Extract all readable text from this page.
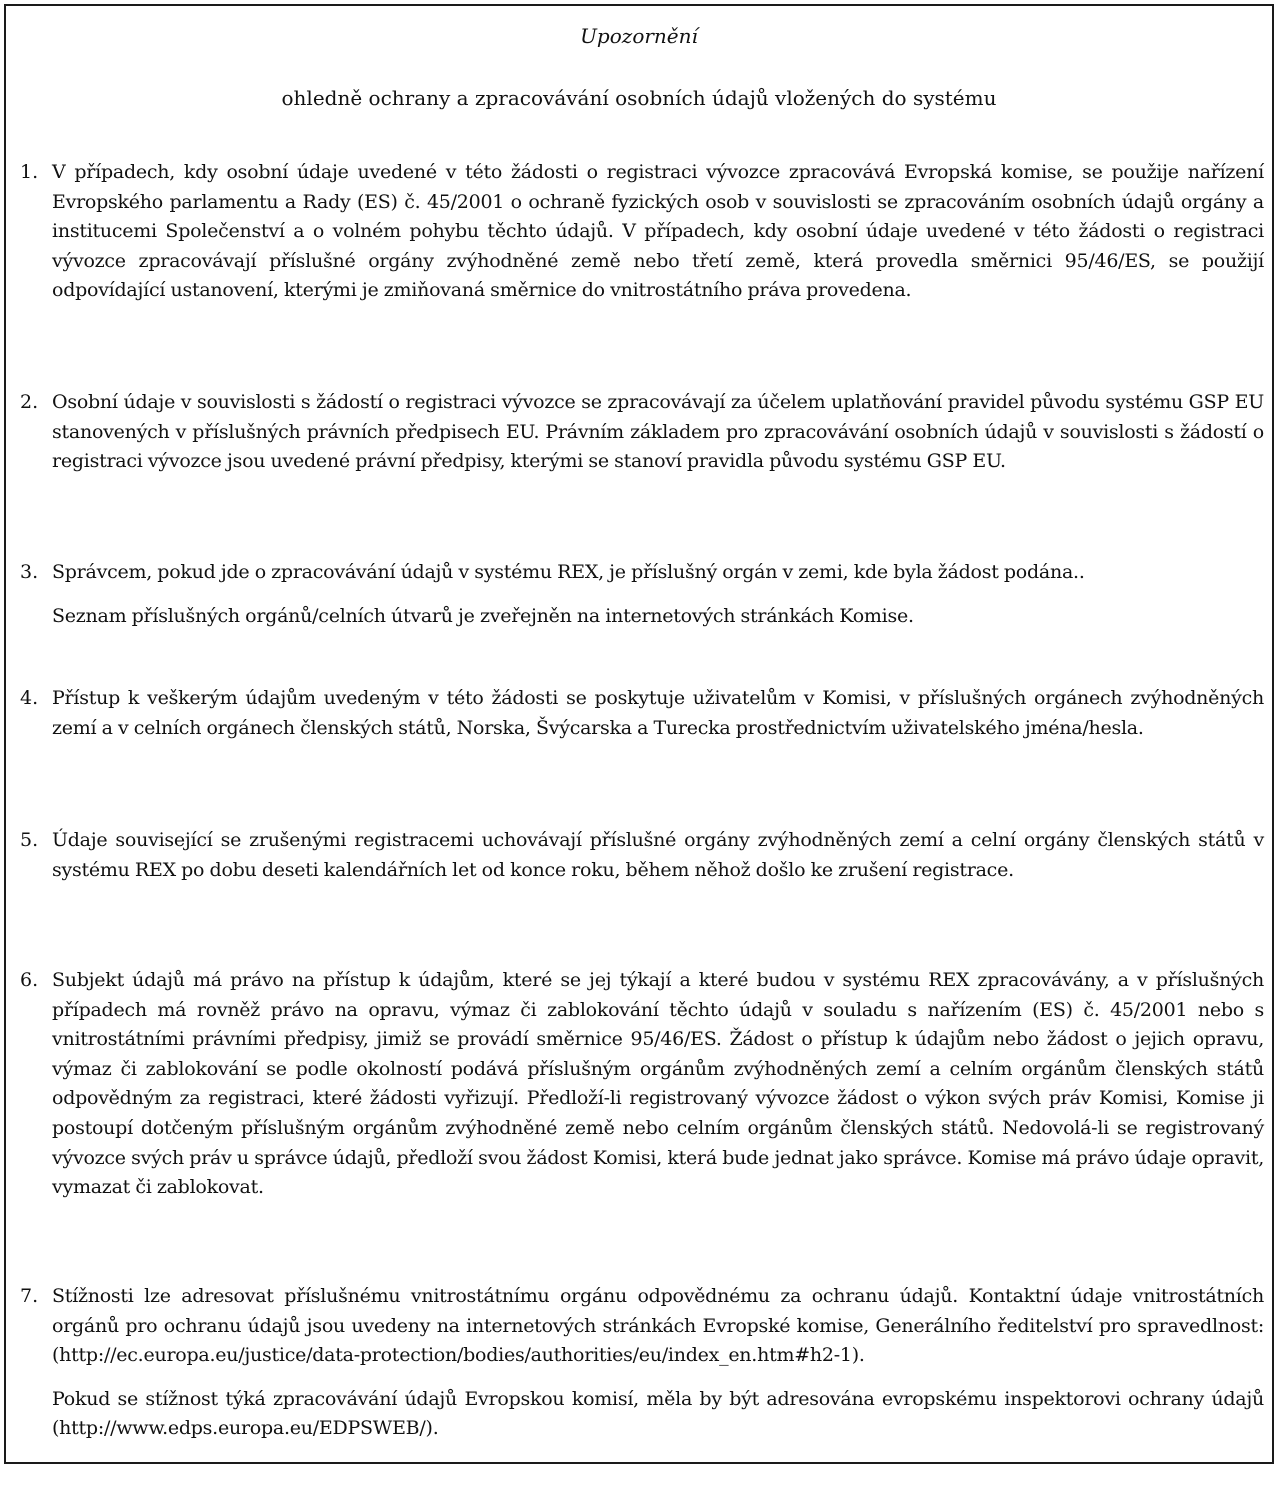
Upozornění
ohledně ochrany a zpracovávání osobních údajů vložených do systému
1. V případech, kdy osobní údaje uvedené v této žádosti o registraci vývozce zpracovává Evropská komise, se použije nařízení Evropského parlamentu a Rady (ES) č. 45/2001 o ochraně fyzických osob v souvislosti se zpracováním osobních údajů orgány a institucemi Společenství a o volném pohybu těchto údajů. V případech, kdy osobní údaje uvedené v této žádosti o registraci vývozce zpracovávají příslušné orgány zvýhodněné země nebo třetí země, která provedla směrnici 95/46/ES, se použijí odpovídající ustanovení, kterými je zmiňovaná směrnice do vnitrostátního práva provedena.
2. Osobní údaje v souvislosti s žádostí o registraci vývozce se zpracovávají za účelem uplatňování pravidel původu systému GSP EU stanovených v příslušných právních předpisech EU. Právním základem pro zpracovávání osobních údajů v souvislosti s žádostí o registraci vývozce jsou uvedené právní předpisy, kterými se stanoví pravidla původu systému GSP EU.
3. Správcem, pokud jde o zpracovávání údajů v systému REX, je příslušný orgán v zemi, kde byla žádost podána..
Seznam příslušných orgánů/celních útvarů je zveřejněn na internetových stránkách Komise.
4. Přístup k veškerým údajům uvedeným v této žádosti se poskytuje uživatelům v Komisi, v příslušných orgánech zvýhodněných zemí a v celních orgánech členských států, Norska, Švýcarska a Turecka prostřednictvím uživatelského jména/hesla.
5. Údaje související se zrušenými registracemi uchovávají příslušné orgány zvýhodněných zemí a celní orgány členských států v systému REX po dobu deseti kalendářních let od konce roku, během něhož došlo ke zrušení registrace.
6. Subjekt údajů má právo na přístup k údajům, které se jej týkají a které budou v systému REX zpracovávány, a v příslušných případech má rovněž právo na opravu, výmaz či zablokování těchto údajů v souladu s nařízením (ES) č. 45/2001 nebo s vnitrostátními právními předpisy, jimiž se provádí směrnice 95/46/ES. Žádost o přístup k údajům nebo žádost o jejich opravu, výmaz či zablokování se podle okolností podává příslušným orgánům zvýhodněných zemí a celním orgánům členských států odpovědným za registraci, které žádosti vyřizují. Předloží-li registrovaný vývozce žádost o výkon svých práv Komisi, Komise ji postoupí dotčeným příslušným orgánům zvýhodněné země nebo celním orgánům členských států. Nedovolá-li se registrovaný vývozce svých práv u správce údajů, předloží svou žádost Komisi, která bude jednat jako správce. Komise má právo údaje opravit, vymazat či zablokovat.
7. Stížnosti lze adresovat příslušnému vnitrostátnímu orgánu odpovědnému za ochranu údajů. Kontaktní údaje vnitrostátních orgánů pro ochranu údajů jsou uvedeny na internetových stránkách Evropské komise, Generálního ředitelství pro spravedlnost: (http://ec.europa.eu/justice/data-protection/bodies/authorities/eu/index_en.htm#h2-1).
Pokud se stížnost týká zpracovávání údajů Evropskou komisí, měla by být adresována evropskému inspektorovi ochrany údajů (http://www.edps.europa.eu/EDPSWEB/).
